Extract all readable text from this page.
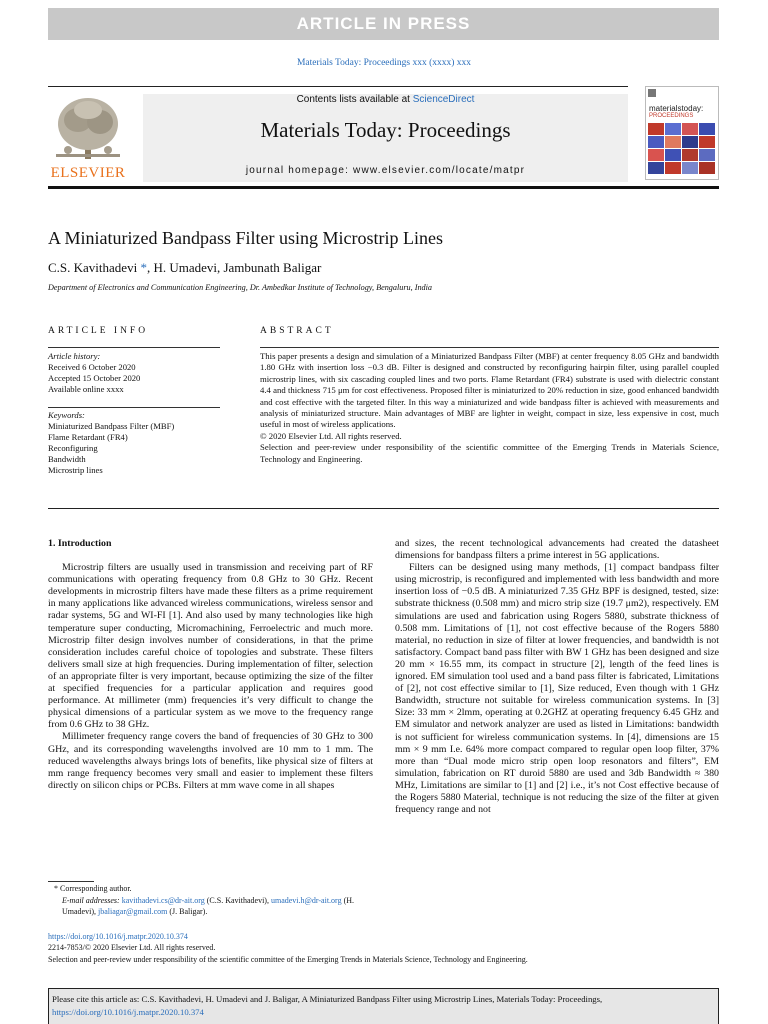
ARTICLE IN PRESS
Materials Today: Proceedings xxx (xxxx) xxx
ELSEVIER
Contents lists available at ScienceDirect
Materials Today: Proceedings
journal homepage: www.elsevier.com/locate/matpr
materialstoday:
PROCEEDINGS
A Miniaturized Bandpass Filter using Microstrip Lines
C.S. Kavithadevi *, H. Umadevi, Jambunath Baligar
Department of Electronics and Communication Engineering, Dr. Ambedkar Institute of Technology, Bengaluru, India
ARTICLE INFO	ABSTRACT
Article history:
Received 6 October 2020
Accepted 15 October 2020
Available online xxxx
Keywords:
Miniaturized Bandpass Filter (MBF)
Flame Retardant (FR4)
Reconfiguring
Bandwidth
Microstrip lines
This paper presents a design and simulation of a Miniaturized Bandpass Filter (MBF) at center frequency 8.05 GHz and bandwidth 1.80 GHz with insertion loss −0.3 dB. Filter is designed and constructed by reconfiguring hairpin filter, using parallel coupled microstrip lines, with six cascading coupled lines and two ports. Flame Retardant (FR4) substrate is used with dielectric constant 4.4 and thickness 715 μm for cost effectiveness. Proposed filter is miniaturized to 20% reduction in size, good enhanced bandwidth and cost effective with the targeted filter. In this way a miniaturized and wide bandpass filter is achieved with measurements and analysis of miniaturized structure. Main advantages of MBF are lighter in weight, compact in size, less expensive in cost, much useful in most of wireless applications.
© 2020 Elsevier Ltd. All rights reserved.
Selection and peer-review under responsibility of the scientific committee of the Emerging Trends in Materials Science, Technology and Engineering.

1. Introduction

Microstrip filters are usually used in transmission and receiving part of RF communications with operating frequency from 0.8 GHz to 30 GHz. Recent developments in microstrip filters have made these filters as a prime requirement in many applications like advanced wireless communications, wireless sensor and radar systems, 5G and WI-FI [1]. And also used by many technologies like high temperature super conducting, Micromachining, Ferroelectric and much more. Microstrip filter design involves number of considerations, in that the prime consideration includes careful choice of topologies and substrate. These filters delivers small size at high frequencies. During implementation of filter, selection of an appropriate filter is very important, because optimizing the size of the filter at specified frequencies for a particular application and requires good performance. At millimeter (mm) frequencies it’s very difficult to change the physical dimensions of a particular system as we move to the frequency range from 0.6 GHz to 38 GHz.

Millimeter frequency range covers the band of frequencies of 30 GHz to 300 GHz, and its corresponding wavelengths involved are 10 mm to 1 mm. The reduced wavelengths always brings lots of benefits, like physical size of filters at mm range frequency becomes very small and easier to implement these filters directly on silicon chips or PCBs. Filters at mm wave come in all shapes

and sizes, the recent technological advancements had created the datasheet dimensions for bandpass filters a prime interest in 5G applications.

Filters can be designed using many methods, [1] compact bandpass filter using microstrip, is reconfigured and implemented with less bandwidth and more insertion loss of −0.5 dB. A miniaturized 7.35 GHz BPF is designed, tested, size: substrate thickness (0.508 mm) and micro strip size (19.7 μm2), respectively. EM simulations are used and fabrication using Rogers 5880, substrate thickness of 0.508 mm. Limitations of [1], not cost effective because of the Rogers 5880 material, no reduction in size of filter at lower frequencies, and bandwidth is not satisfactory. Compact band pass filter with BW 1 GHz has been designed and size 20 mm × 16.55 mm, its compact in structure [2], length of the feed lines is ignored. EM simulation tool used and a band pass filter is fabricated, Limitations of [2], not cost effective similar to [1], Size reduced, Even though with 1 GHz Bandwidth, structure not suitable for wireless communication systems. In [3] Size: 33 mm × 2lmm, operating at 0.2GHZ at operating frequency 6.45 GHz and EM simulator and network analyzer are used as listed in Limitations: bandwidth is not sufficient for wireless communication systems. In [4], dimensions are 15 mm × 9 mm I.e. 64% more compact compared to regular open loop filter, 37% more than “Dual mode micro strip open loop resonators and filters”, EM simulation, fabrication on RT duroid 5880 are used and 3db Bandwidth ≈ 380 MHz, Limitations are similar to [1] and [2] i.e., it’s not Cost effective because of the Rogers 5880 Material, technique is not reducing the size of the filter at given frequency range and not

* Corresponding author.
E-mail addresses: kavithadevi.cs@dr-ait.org (C.S. Kavithadevi), umadevi.h@dr-ait.org (H. Umadevi), jbaliagar@gmail.com (J. Baligar).
https://doi.org/10.1016/j.matpr.2020.10.374
2214-7853/© 2020 Elsevier Ltd. All rights reserved.
Selection and peer-review under responsibility of the scientific committee of the Emerging Trends in Materials Science, Technology and Engineering.
Please cite this article as: C.S. Kavithadevi, H. Umadevi and J. Baligar, A Miniaturized Bandpass Filter using Microstrip Lines, Materials Today: Proceedings,
https://doi.org/10.1016/j.matpr.2020.10.374
